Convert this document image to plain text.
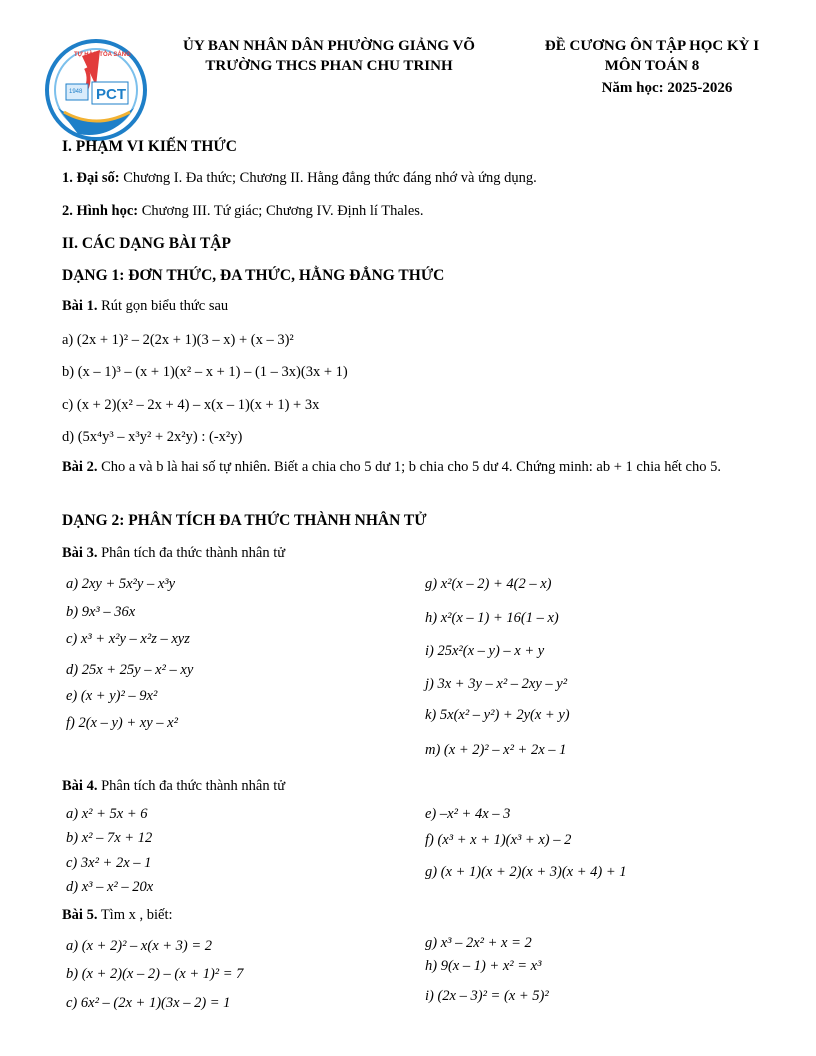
PCT
TỰ HÀO TỎA SÁNG
1948
ỦY BAN NHÂN DÂN PHƯỜNG GIẢNG VÕ
TRƯỜNG THCS PHAN CHU TRINH
ĐỀ CƯƠNG ÔN TẬP HỌC KỲ I
MÔN TOÁN 8
Năm học: 2025-2026
I. PHẠM VI KIẾN THỨC
1. Đại số: Chương I. Đa thức; Chương II. Hằng đẳng thức đáng nhớ và ứng dụng.
2. Hình học: Chương III. Tứ giác; Chương IV. Định lí Thales.
II. CÁC DẠNG BÀI TẬP
DẠNG 1: ĐƠN THỨC, ĐA THỨC, HẰNG ĐẲNG THỨC
Bài 1. Rút gọn biểu thức sau
a) (2x + 1)² – 2(2x + 1)(3 – x) + (x – 3)²
b) (x – 1)³ – (x + 1)(x² – x + 1) – (1 – 3x)(3x + 1)
c) (x + 2)(x² – 2x + 4) – x(x – 1)(x + 1) + 3x
d) (5x⁴y³ – x³y² + 2x²y) : (-x²y)
Bài 2. Cho a và b là hai số tự nhiên. Biết a chia cho 5 dư 1; b chia cho 5 dư 4. Chứng minh: ab + 1 chia hết cho 5.
DẠNG 2: PHÂN TÍCH ĐA THỨC THÀNH NHÂN TỬ
Bài 3. Phân tích đa thức thành nhân tử
a) 2xy + 5x²y – x³y
b) 9x³ – 36x
c) x³ + x²y – x²z – xyz
d) 25x + 25y – x² – xy
e) (x + y)² – 9x²
f) 2(x – y) + xy – x²
g) x²(x – 2) + 4(2 – x)
h) x²(x – 1) + 16(1 – x)
i) 25x²(x – y) – x + y
j) 3x + 3y – x² – 2xy – y²
k) 5x(x² – y²) + 2y(x + y)
m) (x + 2)² – x² + 2x – 1
Bài 4. Phân tích đa thức thành nhân tử
a) x² + 5x + 6
b) x² – 7x + 12
c) 3x² + 2x – 1
d) x³ – x² – 20x
e) –x² + 4x – 3
f) (x³ + x + 1)(x³ + x) – 2
g) (x + 1)(x + 2)(x + 3)(x + 4) + 1
Bài 5. Tìm x , biết:
a) (x + 2)² – x(x + 3) = 2
b) (x + 2)(x – 2) – (x + 1)² = 7
c) 6x² – (2x + 1)(3x – 2) = 1
g) x³ – 2x² + x = 2
h) 9(x – 1) + x² = x³
i) (2x – 3)² = (x + 5)²
